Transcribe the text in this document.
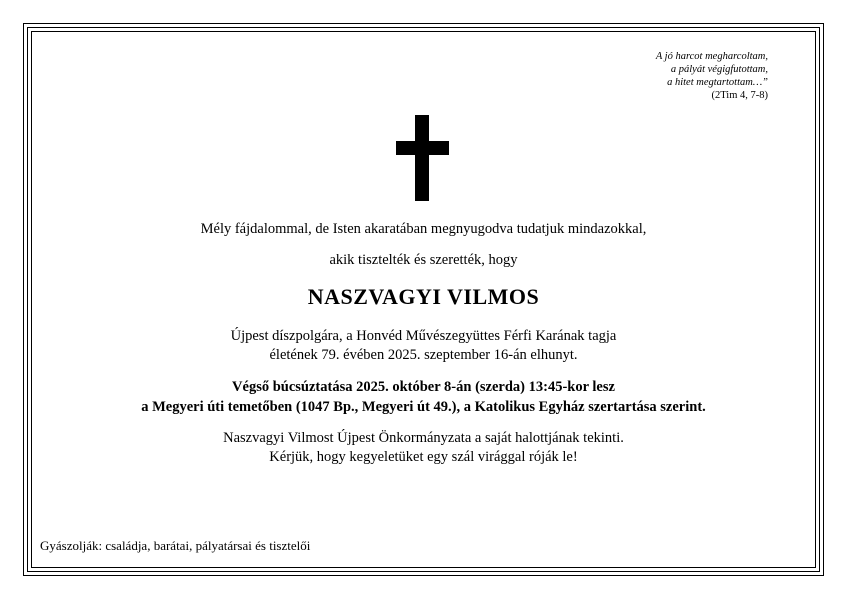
A jó harcot megharcoltam,
a pályát végigfutottam,
a hitet megtartottam…”
(2Tim 4, 7-8)
Mély fájdalommal, de Isten akaratában megnyugodva tudatjuk mindazokkal,
akik tisztelték és szerették, hogy
NASZVAGYI VILMOS
Újpest díszpolgára, a Honvéd Művészegyüttes Férfi Karának tagja
életének 79. évében 2025. szeptember 16-án elhunyt.
Végső búcsúztatása 2025. október 8-án (szerda) 13:45-kor lesz
a Megyeri úti temetőben (1047 Bp., Megyeri út 49.), a Katolikus Egyház szertartása szerint.
Naszvagyi Vilmost Újpest Önkormányzata a saját halottjának tekinti.
Kérjük, hogy kegyeletüket egy szál virággal róják le!
Gyászolják: családja, barátai, pályatársai és tisztelői
